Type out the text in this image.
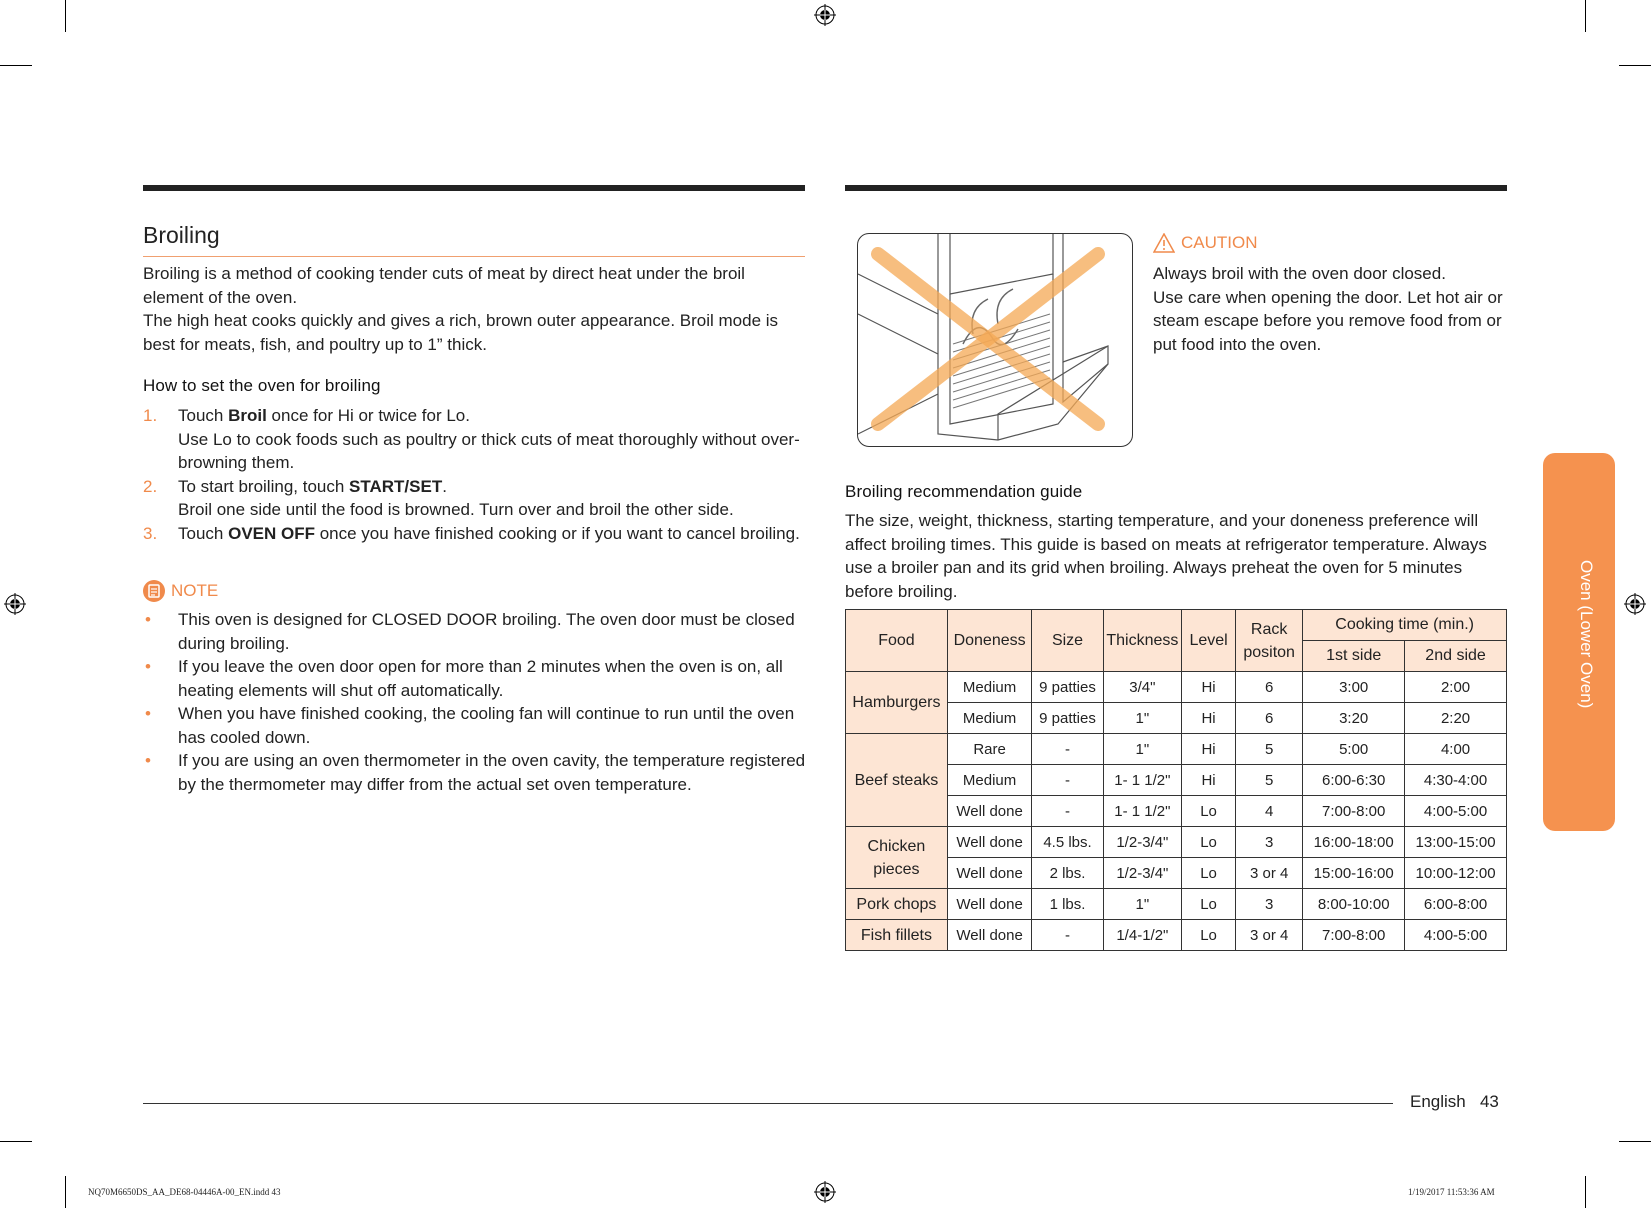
Broiling
Broiling is a method of cooking tender cuts of meat by direct heat under the broil element of the oven.
The high heat cooks quickly and gives a rich, brown outer appearance. Broil mode is best for meats, fish, and poultry up to 1” thick.
How to set the oven for broiling
1. Touch Broil once for Hi or twice for Lo.
Use Lo to cook foods such as poultry or thick cuts of meat thoroughly without over-browning them.
2. To start broiling, touch START/SET.
Broil one side until the food is browned. Turn over and broil the other side.
3. Touch OVEN OFF once you have finished cooking or if you want to cancel broiling.
NOTE
• This oven is designed for CLOSED DOOR broiling. The oven door must be closed during broiling.
• If you leave the oven door open for more than 2 minutes when the oven is on, all heating elements will shut off automatically.
• When you have finished cooking, the cooling fan will continue to run until the oven has cooled down.
• If you are using an oven thermometer in the oven cavity, the temperature registered by the thermometer may differ from the actual set oven temperature.
CAUTION
Always broil with the oven door closed.
Use care when opening the door. Let hot air or steam escape before you remove food from or put food into the oven.
Broiling recommendation guide
The size, weight, thickness, starting temperature, and your doneness preference will affect broiling times. This guide is based on meats at refrigerator temperature. Always use a broiler pan and its grid when broiling. Always preheat the oven for 5 minutes before broiling.
Food	Doneness	Size	Thickness	Level	Rack positon	Cooking time (min.)	
						1st side	2nd side
Hamburgers	Medium	9 patties	3/4"	Hi	6	3:00	2:00
	Medium	9 patties	1"	Hi	6	3:20	2:20
Beef steaks	Rare	-	1"	Hi	5	5:00	4:00
	Medium	-	1- 1 1/2"	Hi	5	6:00-6:30	4:30-4:00
	Well done	-	1- 1 1/2"	Lo	4	7:00-8:00	4:00-5:00
Chicken pieces	Well done	4.5 lbs.	1/2-3/4"	Lo	3	16:00-18:00	13:00-15:00
	Well done	2 lbs.	1/2-3/4"	Lo	3 or 4	15:00-16:00	10:00-12:00
Pork chops	Well done	1 lbs.	1"	Lo	3	8:00-10:00	6:00-8:00
Fish fillets	Well done	-	1/4-1/2"	Lo	3 or 4	7:00-8:00	4:00-5:00
Oven (Lower Oven)
English 43
NQ70M6650DS_AA_DE68-04446A-00_EN.indd 43	1/19/2017 11:53:36 AM
